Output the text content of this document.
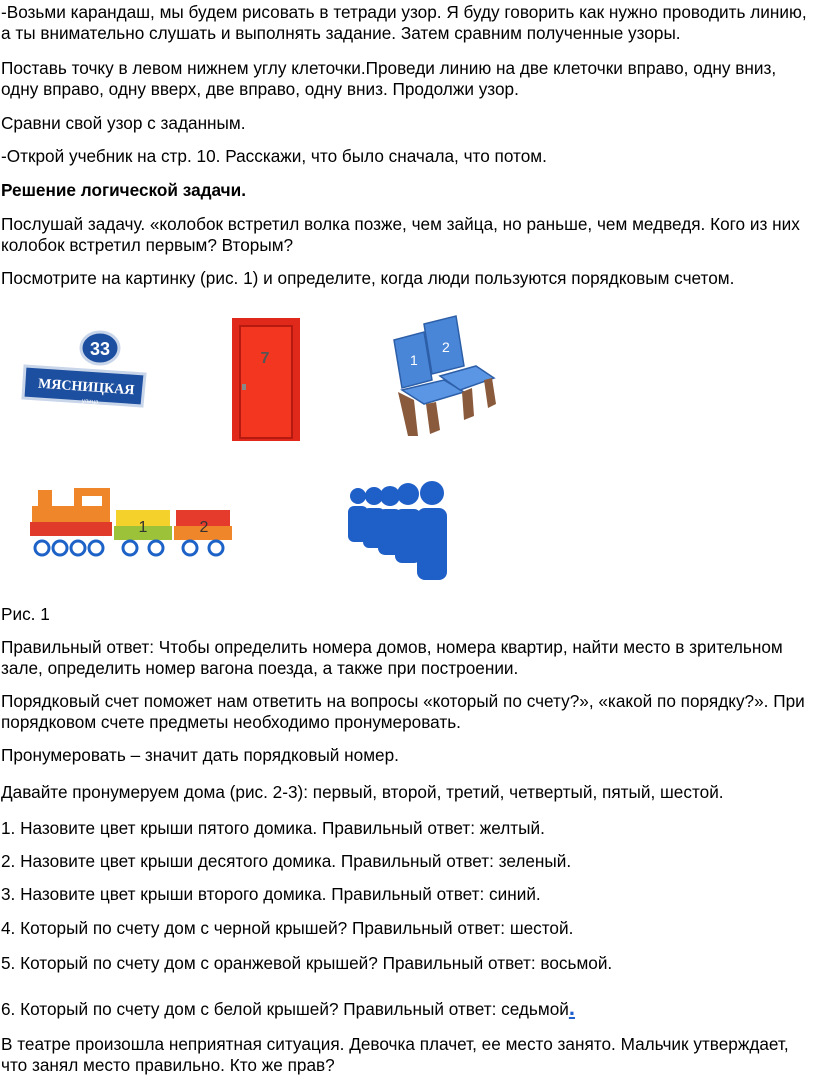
-Возьми карандаш, мы будем рисовать в тетради узор. Я буду говорить как нужно проводить линию, а ты внимательно слушать и выполнять задание. Затем сравним полученные узоры.

Поставь точку в левом нижнем углу клеточки.Проведи линию на две клеточки вправо, одну вниз, одну вправо, одну вверх, две вправо, одну вниз. Продолжи узор.

Сравни свой узор с заданным.

-Открой учебник на стр. 10. Расскажи, что было сначала, что потом.

Решение логической задачи.

Послушай задачу. «колобок встретил волка позже, чем зайца, но раньше, чем медведя. Кого из них колобок встретил первым? Вторым?

Посмотрите на картинку (рис. 1) и определите, когда люди пользуются порядковым счетом.

33
МЯСНИЦКАЯ
улица
7	1
2
1	2

Рис. 1

Правильный ответ: Чтобы определить номера домов, номера квартир, найти место в зрительном зале, определить номер вагона поезда, а также при построении.

Порядковый счет поможет нам ответить на вопросы «который по счету?», «какой по порядку?». При порядковом счете предметы необходимо пронумеровать.

Пронумеровать – значит дать порядковый номер.

Давайте пронумеруем дома (рис. 2-3): первый, второй, третий, четвертый, пятый, шестой.

1. Назовите цвет крыши пятого домика. Правильный ответ: желтый.

2. Назовите цвет крыши десятого домика. Правильный ответ: зеленый.

3. Назовите цвет крыши второго домика. Правильный ответ: синий.

4. Который по счету дом с черной крышей? Правильный ответ: шестой.

5. Который по счету дом с оранжевой крышей? Правильный ответ: восьмой.

6. Который по счету дом с белой крышей? Правильный ответ: седьмой.

В театре произошла неприятная ситуация. Девочка плачет, ее место занято. Мальчик утверждает, что занял место правильно. Кто же прав?
